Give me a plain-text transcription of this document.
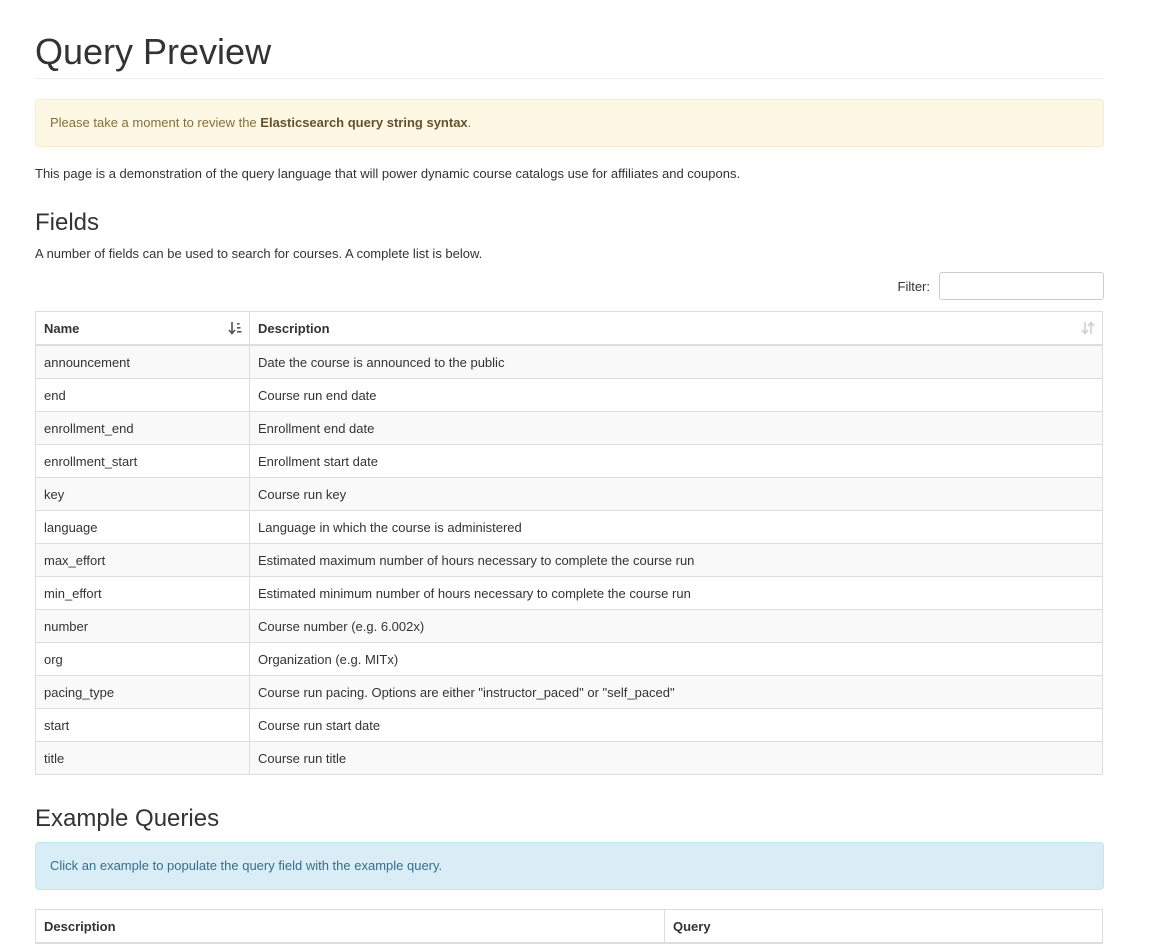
Query Preview
Please take a moment to review the Elasticsearch query string syntax.
This page is a demonstration of the query language that will power dynamic course catalogs use for affiliates and coupons.
Fields
A number of fields can be used to search for courses. A complete list is below.
Filter:
Name	Description

announcement	Date the course is announced to the public
end	Course run end date
enrollment_end	Enrollment end date
enrollment_start	Enrollment start date
key	Course run key
language	Language in which the course is administered
max_effort	Estimated maximum number of hours necessary to complete the course run
min_effort	Estimated minimum number of hours necessary to complete the course run
number	Course number (e.g. 6.002x)
org	Organization (e.g. MITx)
pacing_type	Course run pacing. Options are either "instructor_paced" or "self_paced"
start	Course run start date
title	Course run title
Example Queries
Click an example to populate the query field with the example query.
Description	Query
